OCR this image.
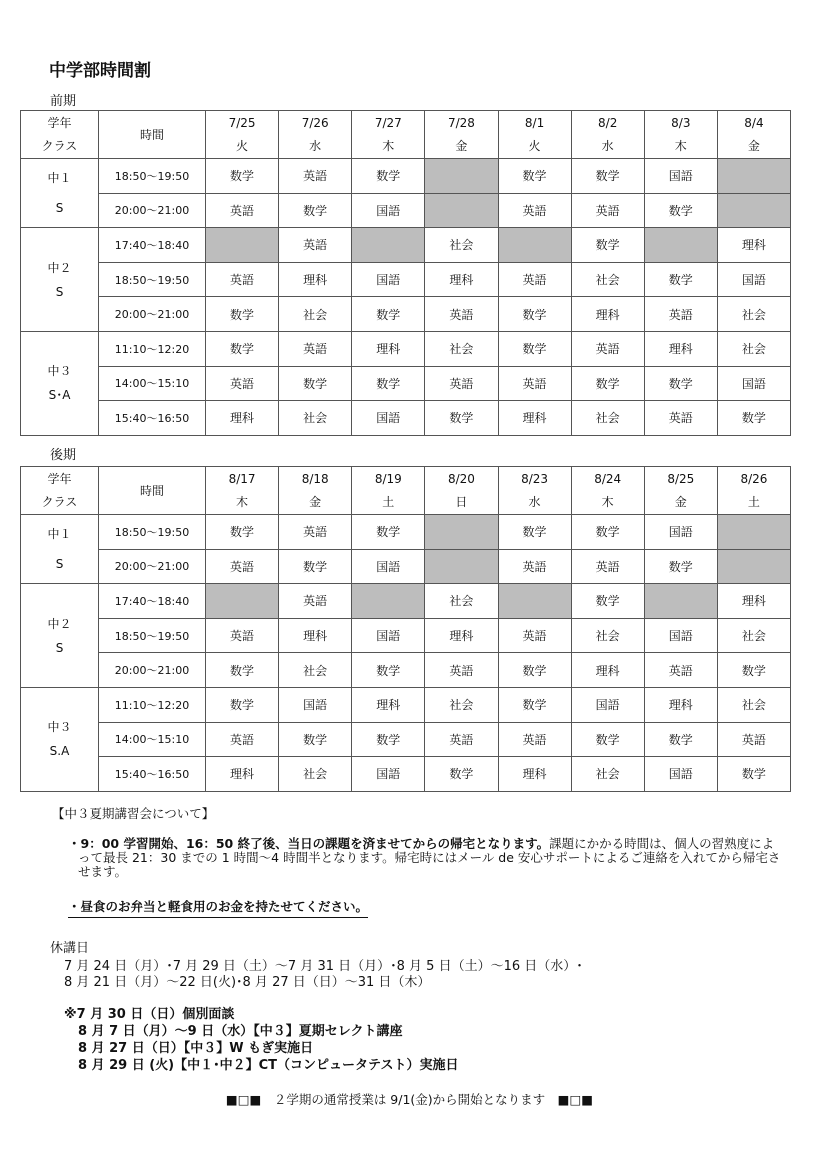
中学部時間割
前期
学年	時間	7/25	7/26	7/27	7/28	8/1	8/2	8/3	8/4
クラス		火	水	木	金	火	水	木	金

中１
S	18:50～19:50	数学	英語	数学		数学	数学	国語	
	20:00～21:00	英語	数学	国語		英語	英語	数学	

中２
S	17:40～18:40		英語		社会		数学		理科
	18:50～19:50	英語	理科	国語	理科	英語	社会	数学	国語
	20:00～21:00	数学	社会	数学	英語	数学	理科	英語	社会

中３
S･A	11:10～12:20	数学	英語	理科	社会	数学	英語	理科	社会
	14:00～15:10	英語	数学	数学	英語	英語	数学	数学	国語
	15:40～16:50	理科	社会	国語	数学	理科	社会	英語	数学
後期
学年	時間	8/17	8/18	8/19	8/20	8/23	8/24	8/25	8/26
クラス		木	金	土	日	水	木	金	土

中１
S	18:50～19:50	数学	英語	数学		数学	数学	国語	
	20:00～21:00	英語	数学	国語		英語	英語	数学	

中２
S	17:40～18:40		英語		社会		数学		理科
	18:50～19:50	英語	理科	国語	理科	英語	社会	国語	社会
	20:00～21:00	数学	社会	数学	英語	数学	理科	英語	数学

中３
S.A	11:10～12:20	数学	国語	理科	社会	数学	国語	理科	社会
	14:00～15:10	英語	数学	数学	英語	英語	数学	数学	英語
	15:40～16:50	理科	社会	国語	数学	理科	社会	国語	数学
【中３夏期講習会について】
・9：00 学習開始、16：50 終了後、当日の課題を済ませてからの帰宅となります。課題にかかる時間は、個人の習熟度によって最長 21：30 までの 1 時間～4 時間半となります。帰宅時にはメール de 安心サポートによるご連絡を入れてから帰宅させます。
・昼食のお弁当と軽食用のお金を持たせてください。
休講日
7 月 24 日（月）･7 月 29 日（土）～7 月 31 日（月）･8 月 5 日（土）～16 日（水）･
8 月 21 日（月）～22 日(火)･8 月 27 日（日）～31 日（木）
※7 月 30 日（日）個別面談
8 月 7 日（月）～9 日（水）【中３】夏期セレクト講座
8 月 27 日（日）【中３】W もぎ実施日
8 月 29 日 (火)【中１･中２】CT（コンピュータテスト）実施日
■□■　２学期の通常授業は 9/1(金)から開始となります　■□■
